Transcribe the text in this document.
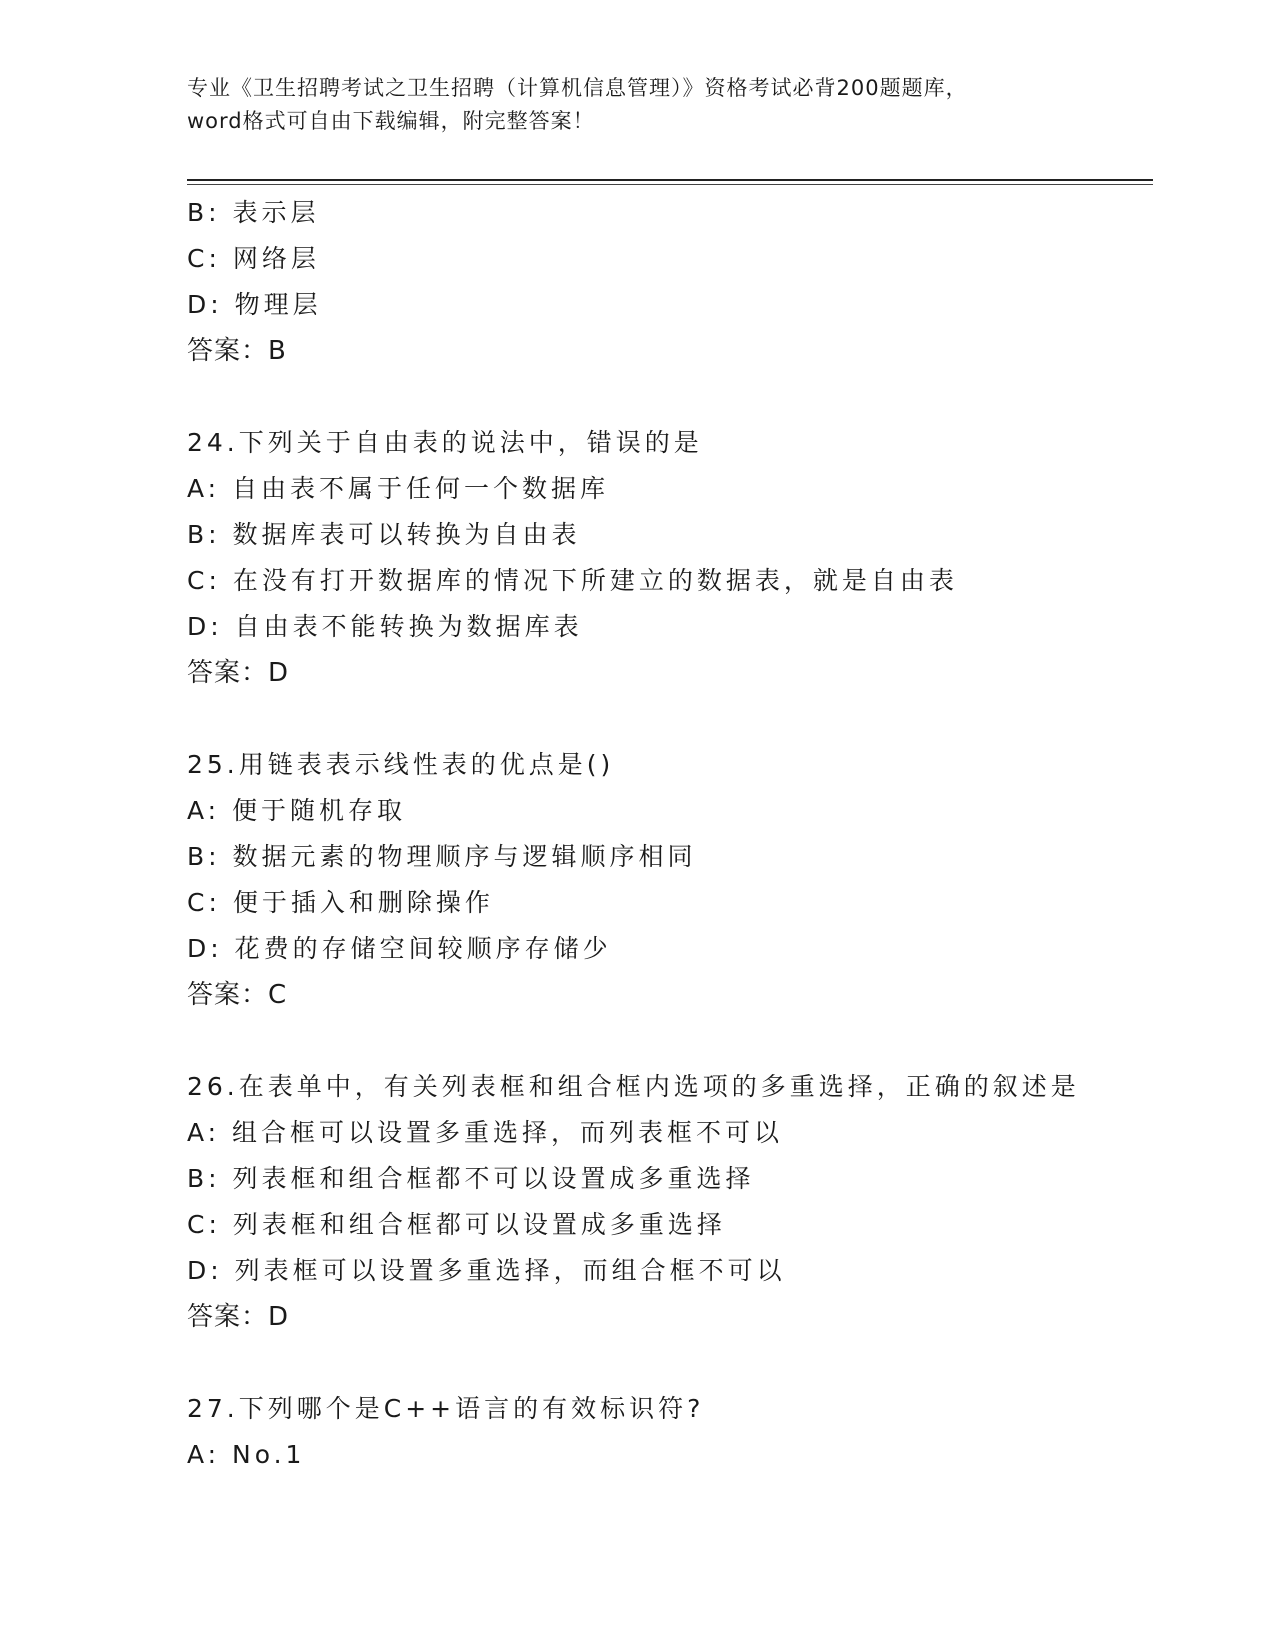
专业《卫生招聘考试之卫生招聘（计算机信息管理）》资格考试必背200题题库，
word格式可自由下载编辑，附完整答案！
B: 表示层
C: 网络层
D: 物理层
答案：B
24.下列关于自由表的说法中，错误的是
A: 自由表不属于任何一个数据库
B: 数据库表可以转换为自由表
C: 在没有打开数据库的情况下所建立的数据表，就是自由表
D: 自由表不能转换为数据库表
答案：D
25.用链表表示线性表的优点是()
A: 便于随机存取
B: 数据元素的物理顺序与逻辑顺序相同
C: 便于插入和删除操作
D: 花费的存储空间较顺序存储少
答案：C
26.在表单中，有关列表框和组合框内选项的多重选择，正确的叙述是
A: 组合框可以设置多重选择，而列表框不可以
B: 列表框和组合框都不可以设置成多重选择
C: 列表框和组合框都可以设置成多重选择
D: 列表框可以设置多重选择，而组合框不可以
答案：D
27.下列哪个是C++语言的有效标识符?
A: No.1
